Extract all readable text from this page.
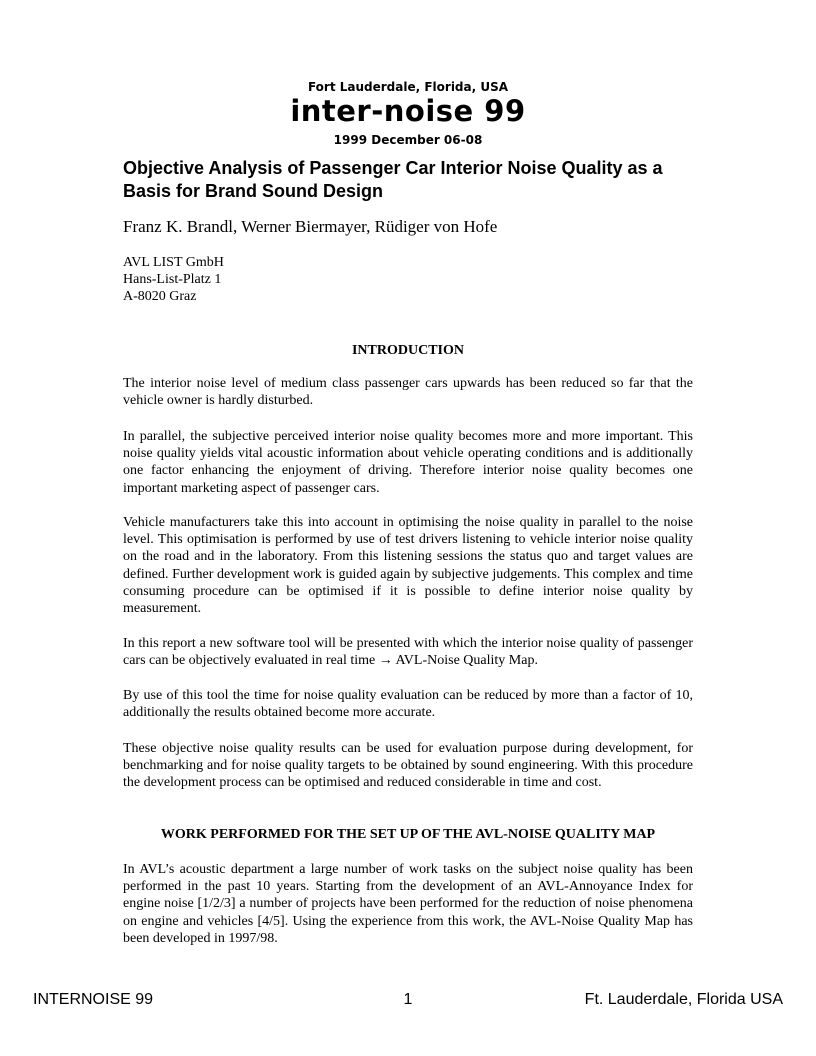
Fort Lauderdale, Florida, USA
inter-noise 99
1999 December 06-08
Objective Analysis of Passenger Car Interior Noise Quality as a Basis for Brand Sound Design
Franz K. Brandl, Werner Biermayer, Rüdiger von Hofe
AVL LIST GmbH
Hans-List-Platz 1
A-8020 Graz
INTRODUCTION

The interior noise level of medium class passenger cars upwards has been reduced so far that the vehicle owner is hardly disturbed.

In parallel, the subjective perceived interior noise quality becomes more and more important. This noise quality yields vital acoustic information about vehicle operating conditions and is additionally one factor enhancing the enjoyment of driving. Therefore interior noise quality becomes one important marketing aspect of passenger cars.

Vehicle manufacturers take this into account in optimising the noise quality in parallel to the noise level. This optimisation is performed by use of test drivers listening to vehicle interior noise quality on the road and in the laboratory. From this listening sessions the status quo and target values are defined. Further development work is guided again by subjective judgements. This complex and time consuming procedure can be optimised if it is possible to define interior noise quality by measurement.

In this report a new software tool will be presented with which the interior noise quality of passenger cars can be objectively evaluated in real time → AVL-Noise Quality Map.

By use of this tool the time for noise quality evaluation can be reduced by more than a factor of 10, additionally the results obtained become more accurate.

These objective noise quality results can be used for evaluation purpose during development, for benchmarking and for noise quality targets to be obtained by sound engineering. With this procedure the development process can be optimised and reduced considerable in time and cost.

WORK PERFORMED FOR THE SET UP OF THE AVL-NOISE QUALITY MAP

In AVL’s acoustic department a large number of work tasks on the subject noise quality has been performed in the past 10 years. Starting from the development of an AVL-Annoyance Index for engine noise [1/2/3] a number of projects have been performed for the reduction of noise phenomena on engine and vehicles [4/5]. Using the experience from this work, the AVL-Noise Quality Map has been developed in 1997/98.

INTERNOISE 99	1	Ft. Lauderdale, Florida USA
